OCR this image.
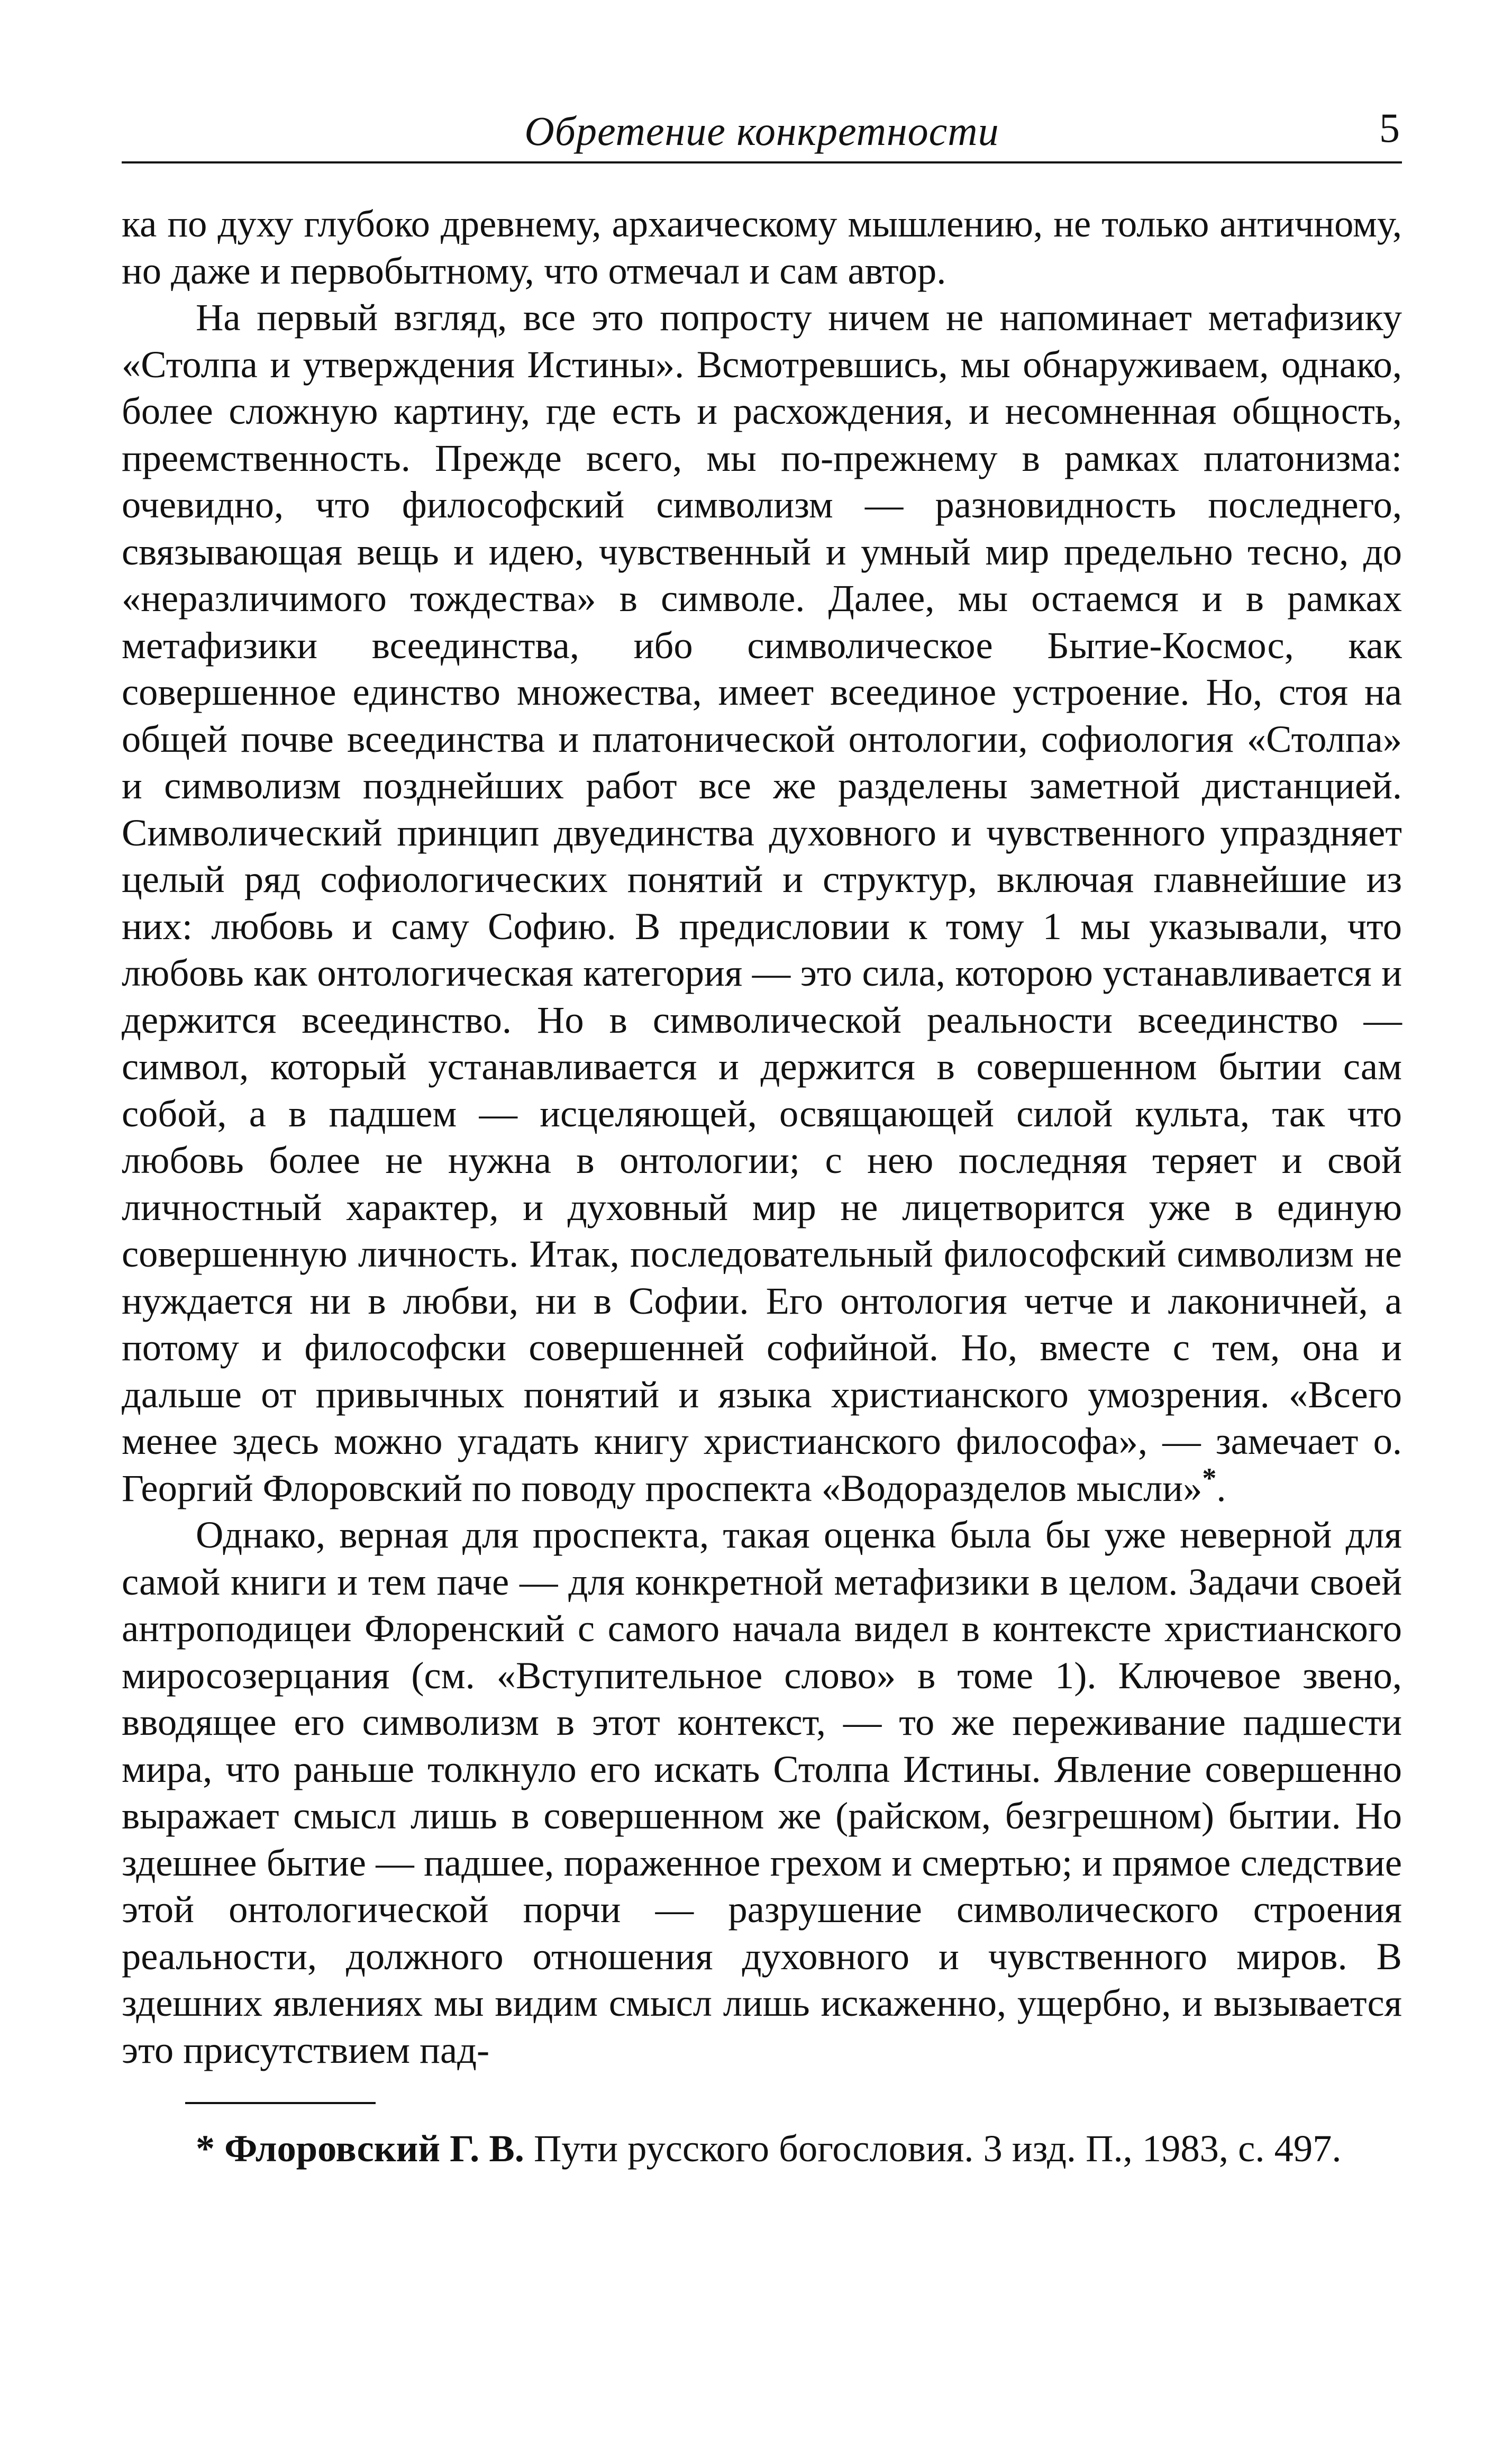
Обретение конкретности	5

ка по духу глубоко древнему, архаическому мышлению, не только античному, но даже и первобытному, что отмечал и сам автор.

На первый взгляд, все это попросту ничем не напоминает метафизику «Столпа и утверждения Истины». Всмотревшись, мы обнаруживаем, однако, более сложную картину, где есть и расхождения, и несомненная общность, преемственность. Прежде всего, мы по-прежнему в рамках платонизма: очевидно, что философский символизм — разновидность последнего, связывающая вещь и идею, чувственный и умный мир предельно тесно, до «неразличимого тождества» в символе. Далее, мы остаемся и в рамках метафизики всеединства, ибо символическое Бытие-Космос, как совершенное единство множества, имеет всеединое устроение. Но, стоя на общей почве всеединства и платонической онтологии, софиология «Столпа» и символизм позднейших работ все же разделены заметной дистанцией. Символический принцип двуединства духовного и чувственного упраздняет целый ряд софиологических понятий и структур, включая главнейшие из них: любовь и саму Софию. В предисловии к тому 1 мы указывали, что любовь как онтологическая категория — это сила, которою устанавливается и держится всеединство. Но в символической реальности всеединство — символ, который устанавливается и держится в совершенном бытии сам собой, а в падшем — исцеляющей, освящающей силой культа, так что любовь более не нужна в онтологии; с нею последняя теряет и свой личностный характер, и духовный мир не лицетворится уже в единую совершенную личность. Итак, последовательный философский символизм не нуждается ни в любви, ни в Софии. Его онтология четче и лаконичней, а потому и философски совершенней софийной. Но, вместе с тем, она и дальше от привычных понятий и языка христианского умозрения. «Всего менее здесь можно угадать книгу христианского философа», — замечает о. Георгий Флоровский по поводу проспекта «Водоразделов мысли»*.

Однако, верная для проспекта, такая оценка была бы уже неверной для самой книги и тем паче — для конкретной метафизики в целом. Задачи своей антроподицеи Флоренский с самого начала видел в контексте христианского миросозерцания (см. «Вступительное слово» в томе 1). Ключевое звено, вводящее его символизм в этот контекст, — то же переживание падшести мира, что раньше толкнуло его искать Столпа Истины. Явление совершенно выражает смысл лишь в совершенном же (райском, безгрешном) бытии. Но здешнее бытие — падшее, пораженное грехом и смертью; и прямое следствие этой онтологической порчи — разрушение символического строения реальности, должного отношения духовного и чувственного миров. В здешних явлениях мы видим смысл лишь искаженно, ущербно, и вызывается это присутствием пад-

* Флоровский Г. В. Пути русского богословия. 3 изд. П., 1983, с. 497.
